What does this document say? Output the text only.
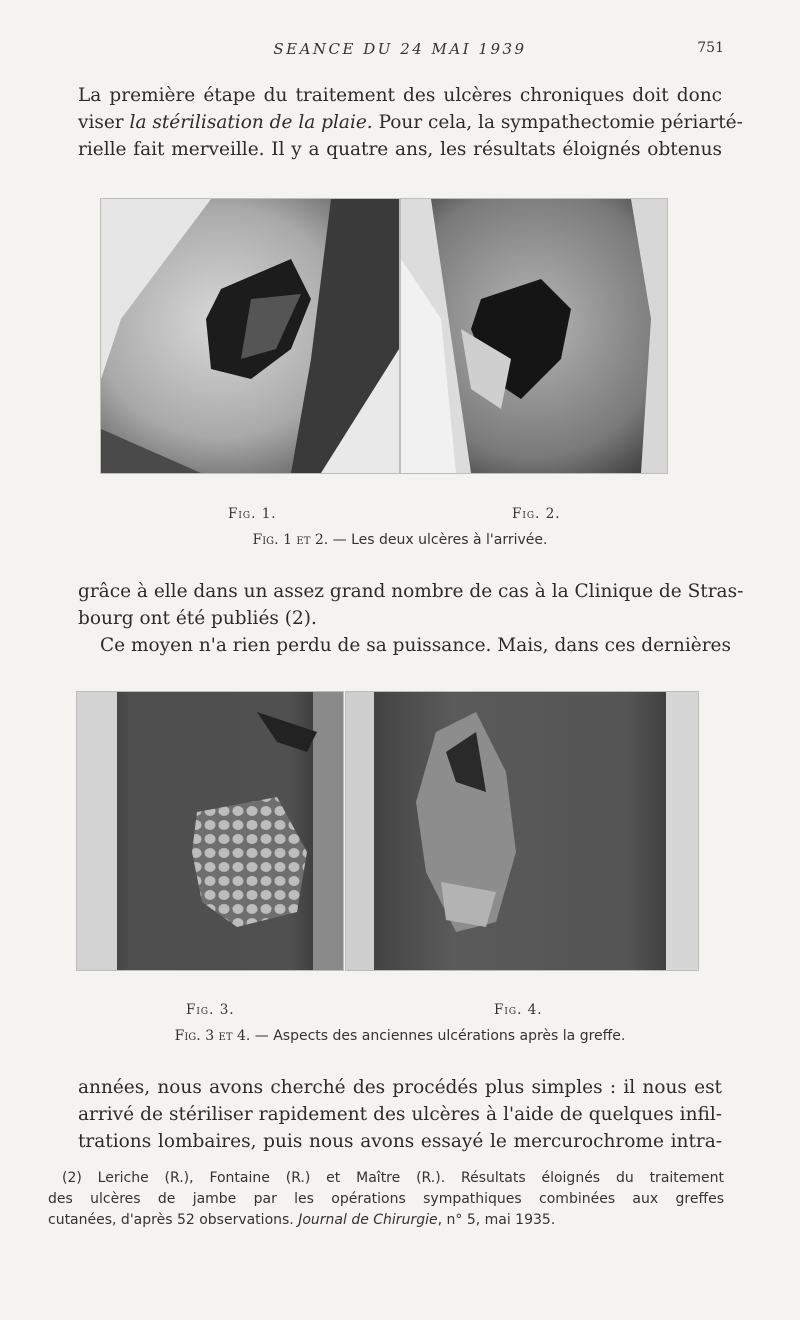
SEANCE DU 24 MAI 1939	751
La première étape du traitement des ulcères chroniques doit donc
viser la stérilisation de la plaie. Pour cela, la sympathectomie périarté-
rielle fait merveille. Il y a quatre ans, les résultats éloignés obtenus
Fig. 1.	Fig. 2.
Fig. 1 et 2. — Les deux ulcères à l'arrivée.
grâce à elle dans un assez grand nombre de cas à la Clinique de Stras-
bourg ont été publiés (2).
Ce moyen n'a rien perdu de sa puissance. Mais, dans ces dernières
Fig. 3.	Fig. 4.
Fig. 3 et 4. — Aspects des anciennes ulcérations après la greffe.
années, nous avons cherché des procédés plus simples : il nous est
arrivé de stériliser rapidement des ulcères à l'aide de quelques infil-
trations lombaires, puis nous avons essayé le mercurochrome intra-
(2) Leriche (R.), Fontaine (R.) et Maître (R.). Résultats éloignés du traitement
des ulcères de jambe par les opérations sympathiques combinées aux greffes
cutanées, d'après 52 observations. Journal de Chirurgie, n° 5, mai 1935.
